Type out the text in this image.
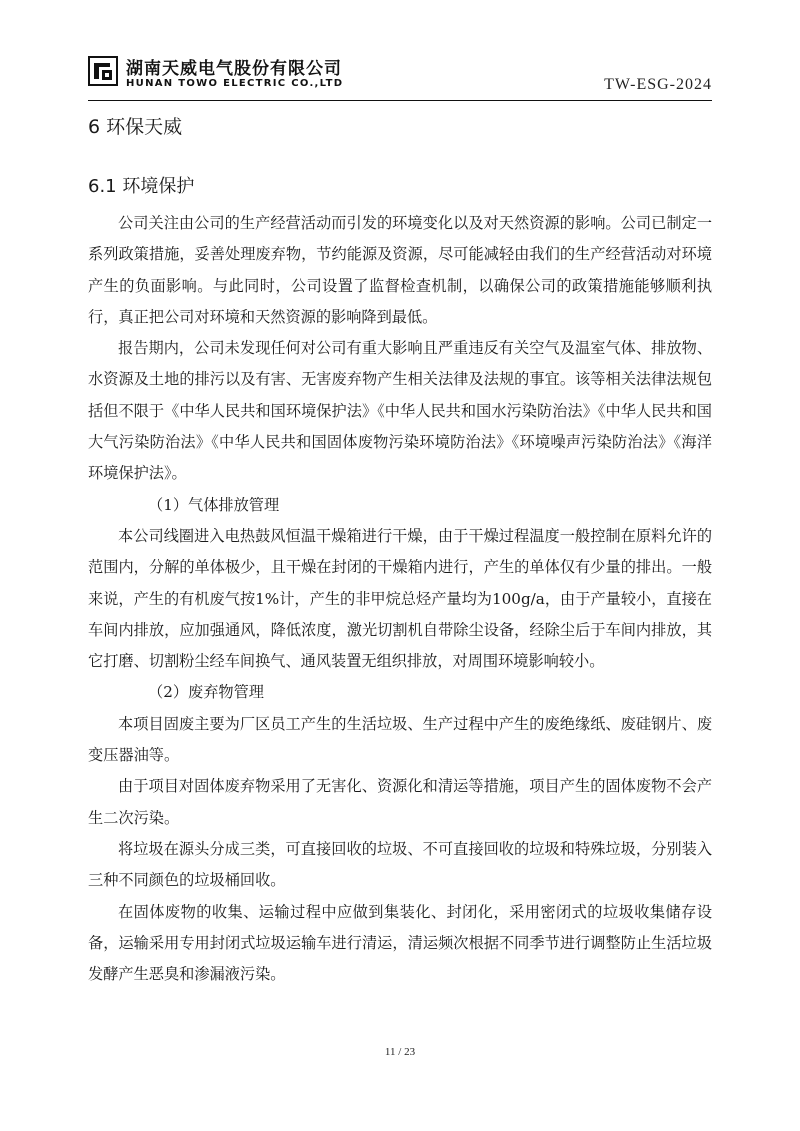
湖南天威电气股份有限公司
HUNAN TOWO ELECTRIC CO.,LTD	TW-ESG-2024
6 环保天威
6.1 环境保护

公司关注由公司的生产经营活动而引发的环境变化以及对天然资源的影响。公司已制定一系列政策措施，妥善处理废弃物，节约能源及资源，尽可能减轻由我们的生产经营活动对环境产生的负面影响。与此同时，公司设置了监督检查机制，以确保公司的政策措施能够顺利执行，真正把公司对环境和天然资源的影响降到最低。

报告期内，公司未发现任何对公司有重大影响且严重违反有关空气及温室气体、排放物、水资源及土地的排污以及有害、无害废弃物产生相关法律及法规的事宜。该等相关法律法规包括但不限于《中华人民共和国环境保护法》《中华人民共和国水污染防治法》《中华人民共和国大气污染防治法》《中华人民共和国固体废物污染环境防治法》《环境噪声污染防治法》《海洋环境保护法》。

（1）气体排放管理

本公司线圈进入电热鼓风恒温干燥箱进行干燥，由于干燥过程温度一般控制在原料允许的范围内，分解的单体极少，且干燥在封闭的干燥箱内进行，产生的单体仅有少量的排出。一般来说，产生的有机废气按1%计，产生的非甲烷总烃产量均为100g/a，由于产量较小，直接在车间内排放，应加强通风，降低浓度，激光切割机自带除尘设备，经除尘后于车间内排放，其它打磨、切割粉尘经车间换气、通风装置无组织排放，对周围环境影响较小。

（2）废弃物管理

本项目固废主要为厂区员工产生的生活垃圾、生产过程中产生的废绝缘纸、废硅钢片、废变压器油等。

由于项目对固体废弃物采用了无害化、资源化和清运等措施，项目产生的固体废物不会产生二次污染。

将垃圾在源头分成三类，可直接回收的垃圾、不可直接回收的垃圾和特殊垃圾，分别装入三种不同颜色的垃圾桶回收。

在固体废物的收集、运输过程中应做到集装化、封闭化，采用密闭式的垃圾收集储存设备，运输采用专用封闭式垃圾运输车进行清运，清运频次根据不同季节进行调整防止生活垃圾发酵产生恶臭和渗漏液污染。

11 / 23
